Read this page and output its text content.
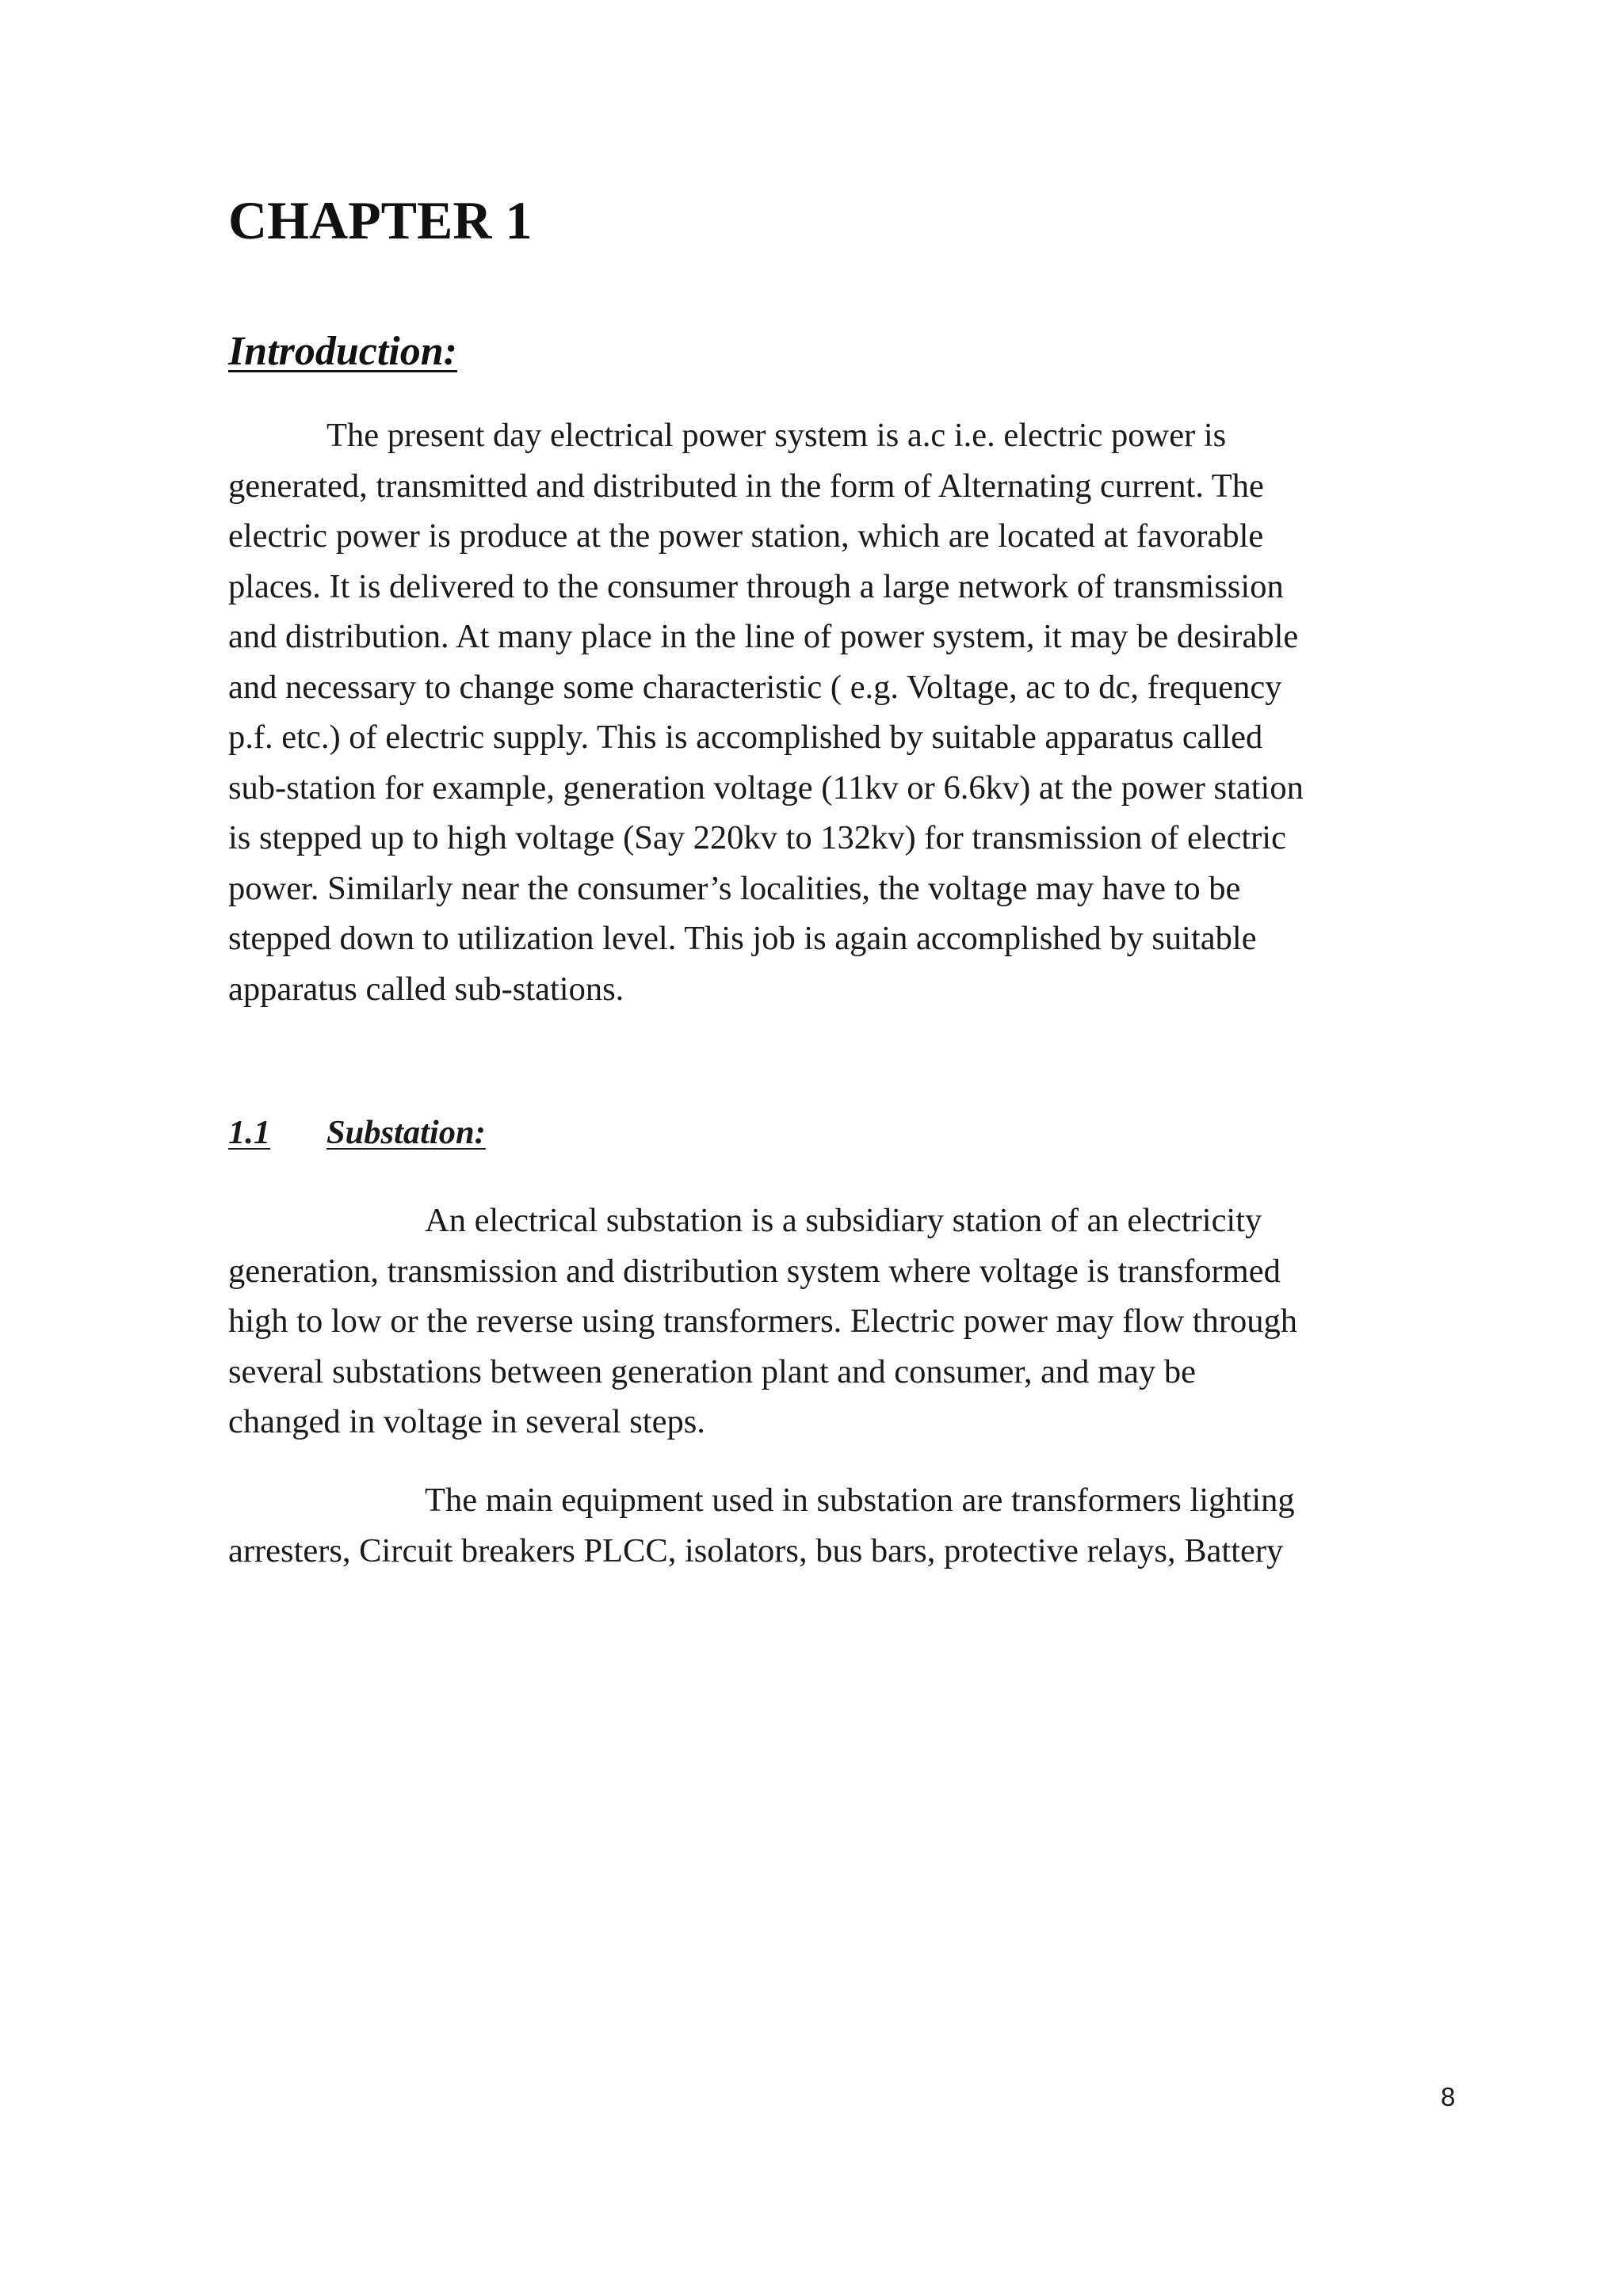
CHAPTER 1
Introduction:

The present day electrical power system is a.c i.e. electric power is
generated, transmitted and distributed in the form of Alternating current. The
electric power is produce at the power station, which are located at favorable
places. It is delivered to the consumer through a large network of transmission
and distribution. At many place in the line of power system, it may be desirable
and necessary to change some characteristic ( e.g. Voltage, ac to dc, frequency
p.f. etc.) of electric supply. This is accomplished by suitable apparatus called
sub-station for example, generation voltage (11kv or 6.6kv) at the power station
is stepped up to high voltage (Say 220kv to 132kv) for transmission of electric
power. Similarly near the consumer’s localities, the voltage may have to be
stepped down to utilization level. This job is again accomplished by suitable
apparatus called sub-stations.

1.1 Substation:

An electrical substation is a subsidiary station of an electricity
generation, transmission and distribution system where voltage is transformed
high to low or the reverse using transformers. Electric power may flow through
several substations between generation plant and consumer, and may be
changed in voltage in several steps.

The main equipment used in substation are transformers lighting
arresters, Circuit breakers PLCC, isolators, bus bars, protective relays, Battery

8
